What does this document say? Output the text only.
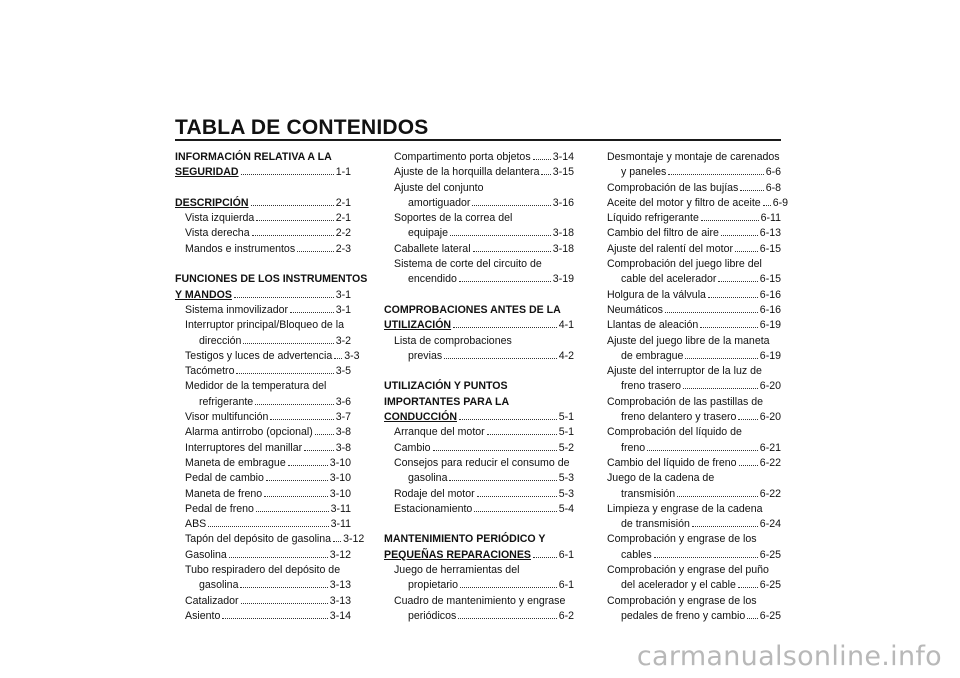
TABLA DE CONTENIDOS
INFORMACIÓN RELATIVA A LA
SEGURIDAD	1-1
DESCRIPCIÓN	2-1
Vista izquierda	2-1
Vista derecha	2-2
Mandos e instrumentos	2-3
FUNCIONES DE LOS INSTRUMENTOS
Y MANDOS	3-1
Sistema inmovilizador	3-1
Interruptor principal/Bloqueo de la
dirección	3-2
Testigos y luces de advertencia 3-3
Tacómetro	3-5
Medidor de la temperatura del
refrigerante	3-6
Visor multifunción	3-7
Alarma antirrobo (opcional) 3-8
Interruptores del manillar	3-8
Maneta de embrague	3-10
Pedal de cambio	3-10
Maneta de freno	3-10
Pedal de freno	3-11
ABS	3-11
Tapón del depósito de gasolina 3-12
Gasolina	3-12
Tubo respiradero del depósito de
gasolina	3-13
Catalizador	3-13
Asiento	3-14
Compartimento porta objetos 3-14
Ajuste de la horquilla delantera 3-15
Ajuste del conjunto
amortiguador	3-16
Soportes de la correa del
equipaje	3-18
Caballete lateral	3-18
Sistema de corte del circuito de
encendido	3-19
COMPROBACIONES ANTES DE LA
UTILIZACIÓN	4-1
Lista de comprobaciones
previas	4-2
UTILIZACIÓN Y PUNTOS
IMPORTANTES PARA LA
CONDUCCIÓN	5-1
Arranque del motor	5-1
Cambio	5-2
Consejos para reducir el consumo de
gasolina	5-3
Rodaje del motor	5-3
Estacionamiento	5-4
MANTENIMIENTO PERIÓDICO Y
PEQUEÑAS REPARACIONES	6-1
Juego de herramientas del
propietario	6-1
Cuadro de mantenimiento y engrase
periódicos	6-2
Desmontaje y montaje de carenados
y paneles	6-6
Comprobación de las bujías	6-8
Aceite del motor y filtro de aceite 6-9
Líquido refrigerante	6-11
Cambio del filtro de aire	6-13
Ajuste del ralentí del motor	6-15
Comprobación del juego libre del
cable del acelerador	6-15
Holgura de la válvula	6-16
Neumáticos	6-16
Llantas de aleación	6-19
Ajuste del juego libre de la maneta
de embrague	6-19
Ajuste del interruptor de la luz de
freno trasero	6-20
Comprobación de las pastillas de
freno delantero y trasero 6-20
Comprobación del líquido de
freno	6-21
Cambio del líquido de freno 6-22
Juego de la cadena de
transmisión	6-22
Limpieza y engrase de la cadena
de transmisión	6-24
Comprobación y engrase de los
cables	6-25
Comprobación y engrase del puño
del acelerador y el cable 6-25
Comprobación y engrase de los
pedales de freno y cambio 6-25
carmanualsonline.info
